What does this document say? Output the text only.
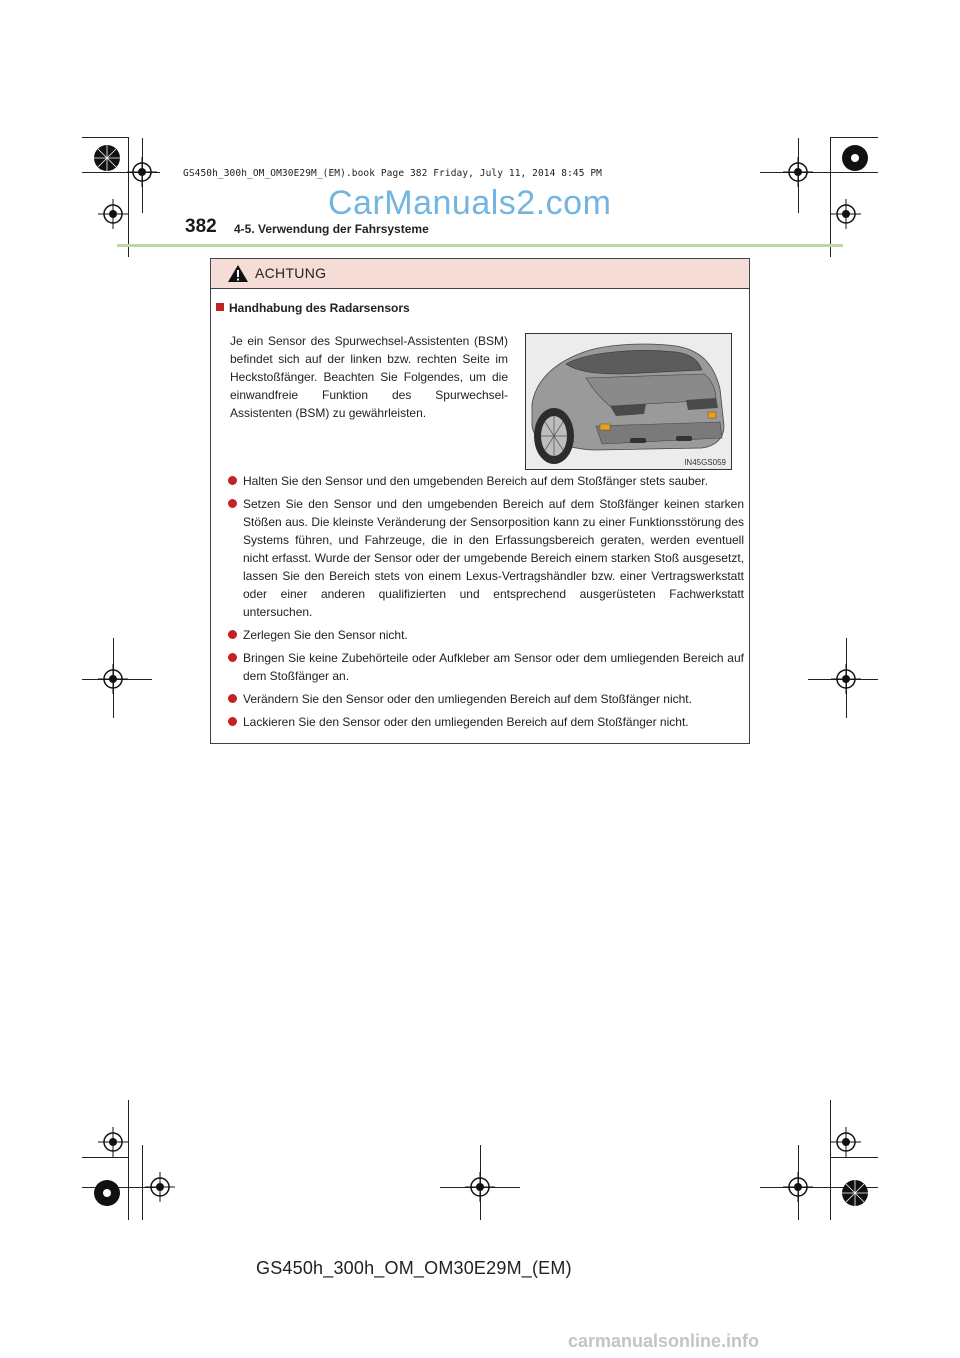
GS450h_300h_OM_OM30E29M_(EM).book Page 382 Friday, July 11, 2014 8:45 PM
CarManuals2.com
382 4-5. Verwendung der Fahrsysteme
ACHTUNG
Handhabung des Radarsensors
Je ein Sensor des Spurwechsel-Assistenten (BSM) befindet sich auf der linken bzw. rechten Seite im Heckstoßfänger. Beachten Sie Folgendes, um die einwandfreie Funktion des Spurwechsel-Assistenten (BSM) zu gewährleisten.
IN45GS059
Halten Sie den Sensor und den umgebenden Bereich auf dem Stoßfänger stets sauber.
Setzen Sie den Sensor und den umgebenden Bereich auf dem Stoßfänger keinen starken Stößen aus. Die kleinste Veränderung der Sensorposition kann zu einer Funktionsstörung des Systems führen, und Fahrzeuge, die in den Erfassungsbereich geraten, werden eventuell nicht erfasst. Wurde der Sensor oder der umgebende Bereich einem starken Stoß ausgesetzt, lassen Sie den Bereich stets von einem Lexus-Vertragshändler bzw. einer Vertragswerkstatt oder einer anderen qualifizierten und entsprechend ausgerüsteten Fachwerkstatt untersuchen.
Zerlegen Sie den Sensor nicht.
Bringen Sie keine Zubehörteile oder Aufkleber am Sensor oder dem umliegenden Bereich auf dem Stoßfänger an.
Verändern Sie den Sensor oder den umliegenden Bereich auf dem Stoßfänger nicht.
Lackieren Sie den Sensor oder den umliegenden Bereich auf dem Stoßfänger nicht.
GS450h_300h_OM_OM30E29M_(EM)
carmanualsonline.info
